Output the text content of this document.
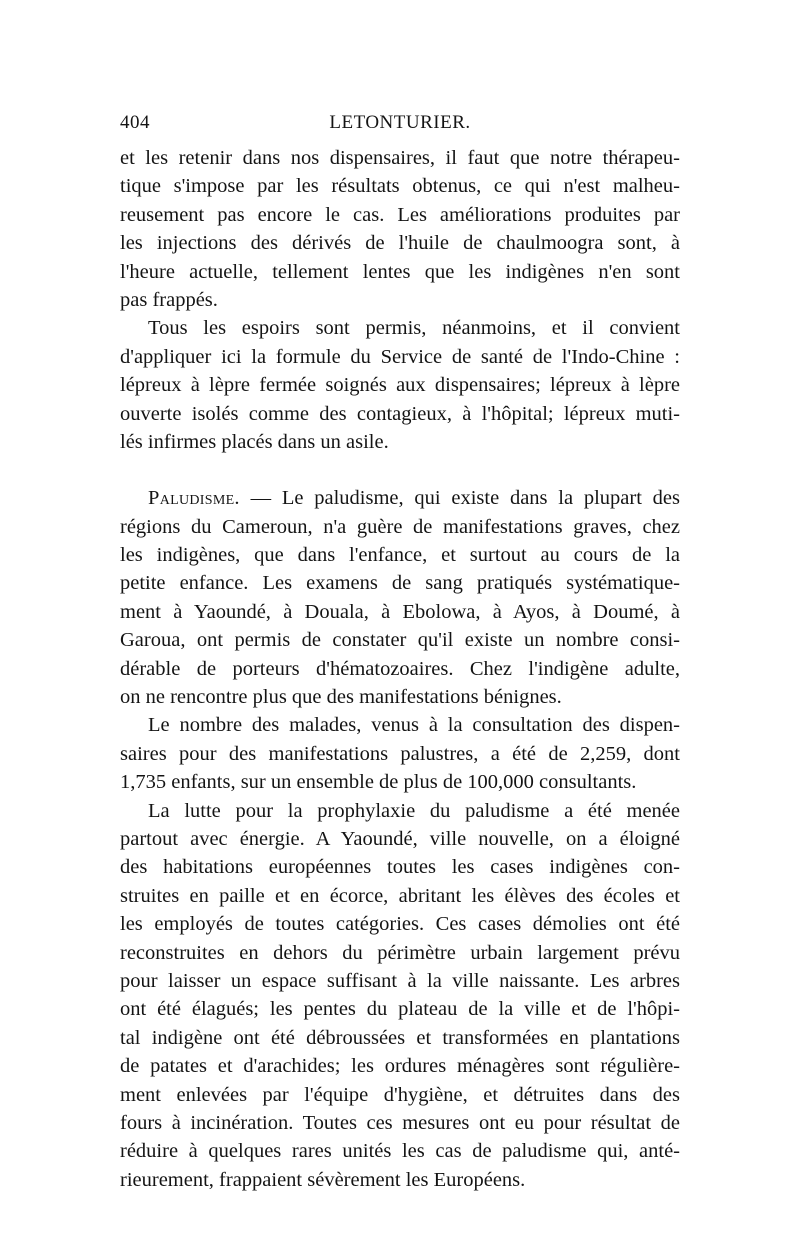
404	LETONTURIER.
et les retenir dans nos dispensaires, il faut que notre thérapeu-
tique s'impose par les résultats obtenus, ce qui n'est malheu-
reusement pas encore le cas. Les améliorations produites par
les injections des dérivés de l'huile de chaulmoogra sont, à
l'heure actuelle, tellement lentes que les indigènes n'en sont
pas frappés.
Tous les espoirs sont permis, néanmoins, et il convient
d'appliquer ici la formule du Service de santé de l'Indo-Chine :
lépreux à lèpre fermée soignés aux dispensaires; lépreux à lèpre
ouverte isolés comme des contagieux, à l'hôpital; lépreux muti-
lés infirmes placés dans un asile.
Paludisme. — Le paludisme, qui existe dans la plupart des
régions du Cameroun, n'a guère de manifestations graves, chez
les indigènes, que dans l'enfance, et surtout au cours de la
petite enfance. Les examens de sang pratiqués systématique-
ment à Yaoundé, à Douala, à Ebolowa, à Ayos, à Doumé, à
Garoua, ont permis de constater qu'il existe un nombre consi-
dérable de porteurs d'hématozoaires. Chez l'indigène adulte,
on ne rencontre plus que des manifestations bénignes.
Le nombre des malades, venus à la consultation des dispen-
saires pour des manifestations palustres, a été de 2,259, dont
1,735 enfants, sur un ensemble de plus de 100,000 consultants.
La lutte pour la prophylaxie du paludisme a été menée
partout avec énergie. A Yaoundé, ville nouvelle, on a éloigné
des habitations européennes toutes les cases indigènes con-
struites en paille et en écorce, abritant les élèves des écoles et
les employés de toutes catégories. Ces cases démolies ont été
reconstruites en dehors du périmètre urbain largement prévu
pour laisser un espace suffisant à la ville naissante. Les arbres
ont été élagués; les pentes du plateau de la ville et de l'hôpi-
tal indigène ont été débroussées et transformées en plantations
de patates et d'arachides; les ordures ménagères sont régulière-
ment enlevées par l'équipe d'hygiène, et détruites dans des
fours à incinération. Toutes ces mesures ont eu pour résultat de
réduire à quelques rares unités les cas de paludisme qui, anté-
rieurement, frappaient sévèrement les Européens.
